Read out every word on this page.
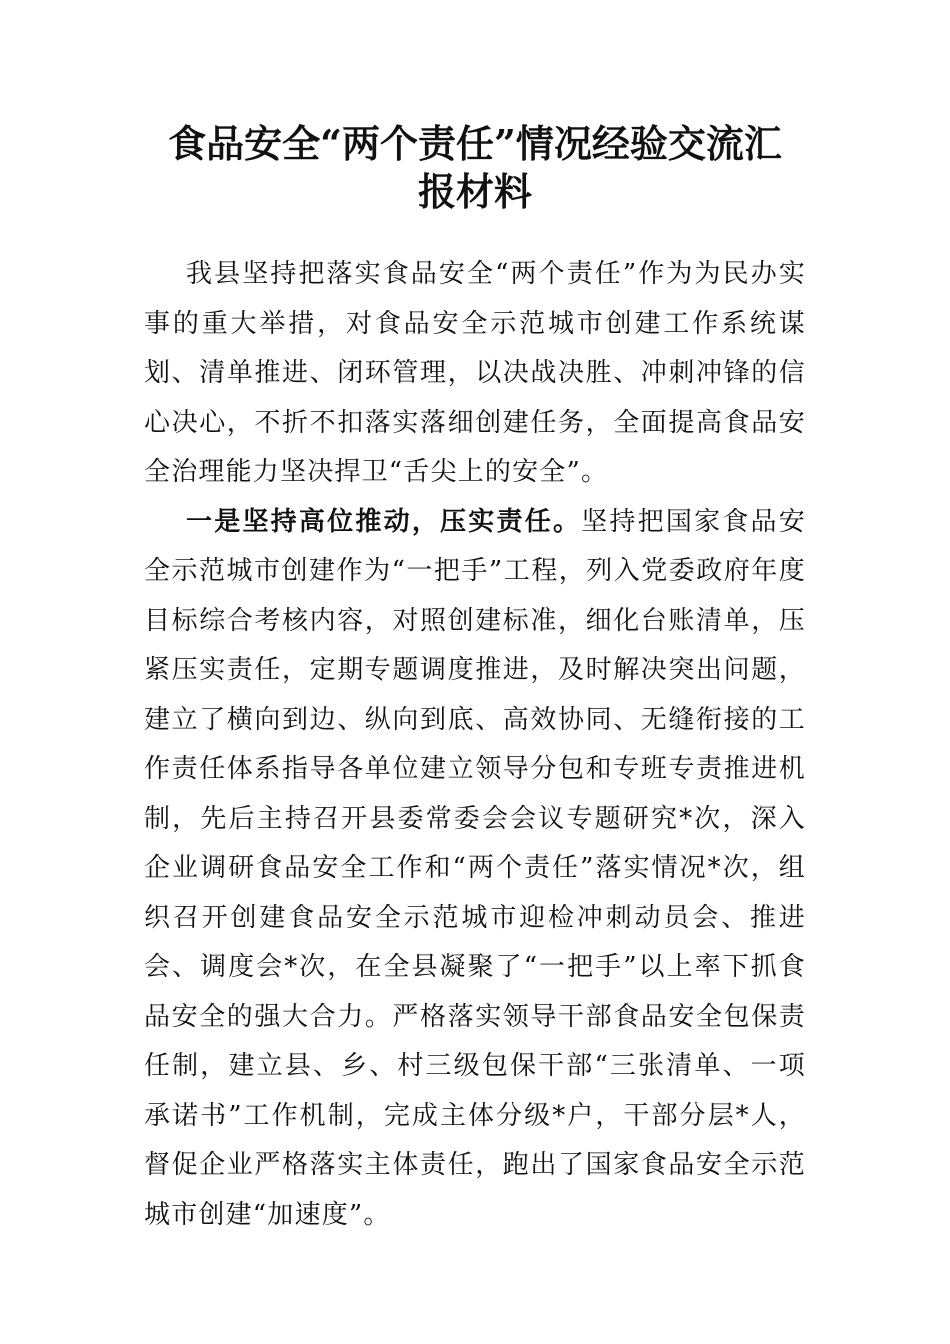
食品安全“两个责任”情况经验交流汇
报材料

我县坚持把落实食品安全“两个责任”作为为民办实事的重大举措，对食品安全示范城市创建工作系统谋划、清单推进、闭环管理，以决战决胜、冲刺冲锋的信心决心，不折不扣落实落细创建任务，全面提高食品安全治理能力坚决捍卫“舌尖上的安全”。

一是坚持高位推动，压实责任。坚持把国家食品安全示范城市创建作为“一把手”工程，列入党委政府年度目标综合考核内容，对照创建标准，细化台账清单，压紧压实责任，定期专题调度推进，及时解决突出问题，建立了横向到边、纵向到底、高效协同、无缝衔接的工作责任体系指导各单位建立领导分包和专班专责推进机制，先后主持召开县委常委会会议专题研究*次，深入企业调研食品安全工作和“两个责任”落实情况*次，组织召开创建食品安全示范城市迎检冲刺动员会、推进会、调度会*次，在全县凝聚了“一把手”以上率下抓食品安全的强大合力。严格落实领导干部食品安全包保责任制，建立县、乡、村三级包保干部“三张清单、一项承诺书”工作机制，完成主体分级*户，干部分层*人，督促企业严格落实主体责任，跑出了国家食品安全示范城市创建“加速度”。
